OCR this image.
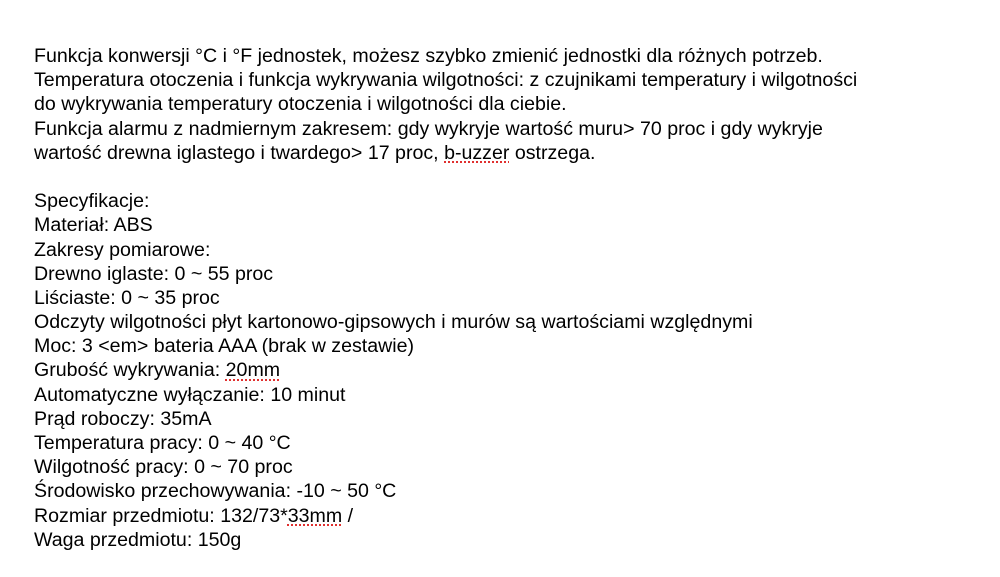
Funkcja konwersji °C i °F jednostek, możesz szybko zmienić jednostki dla różnych potrzeb.
Temperatura otoczenia i funkcja wykrywania wilgotności: z czujnikami temperatury i wilgotności
do wykrywania temperatury otoczenia i wilgotności dla ciebie.
Funkcja alarmu z nadmiernym zakresem: gdy wykryje wartość muru> 70 proc i gdy wykryje
wartość drewna iglastego i twardego> 17 proc, b-uzzer ostrzega.
Specyfikacje:
Materiał: ABS
Zakresy pomiarowe:
Drewno iglaste: 0 ~ 55 proc
Liściaste: 0 ~ 35 proc
Odczyty wilgotności płyt kartonowo-gipsowych i murów są wartościami względnymi
Moc: 3 <em> bateria AAA (brak w zestawie)
Grubość wykrywania: 20mm
Automatyczne wyłączanie: 10 minut
Prąd roboczy: 35mA
Temperatura pracy: 0 ~ 40 °C
Wilgotność pracy: 0 ~ 70 proc
Środowisko przechowywania: -10 ~ 50 °C
Rozmiar przedmiotu: 132/73*33mm /
Waga przedmiotu: 150g
